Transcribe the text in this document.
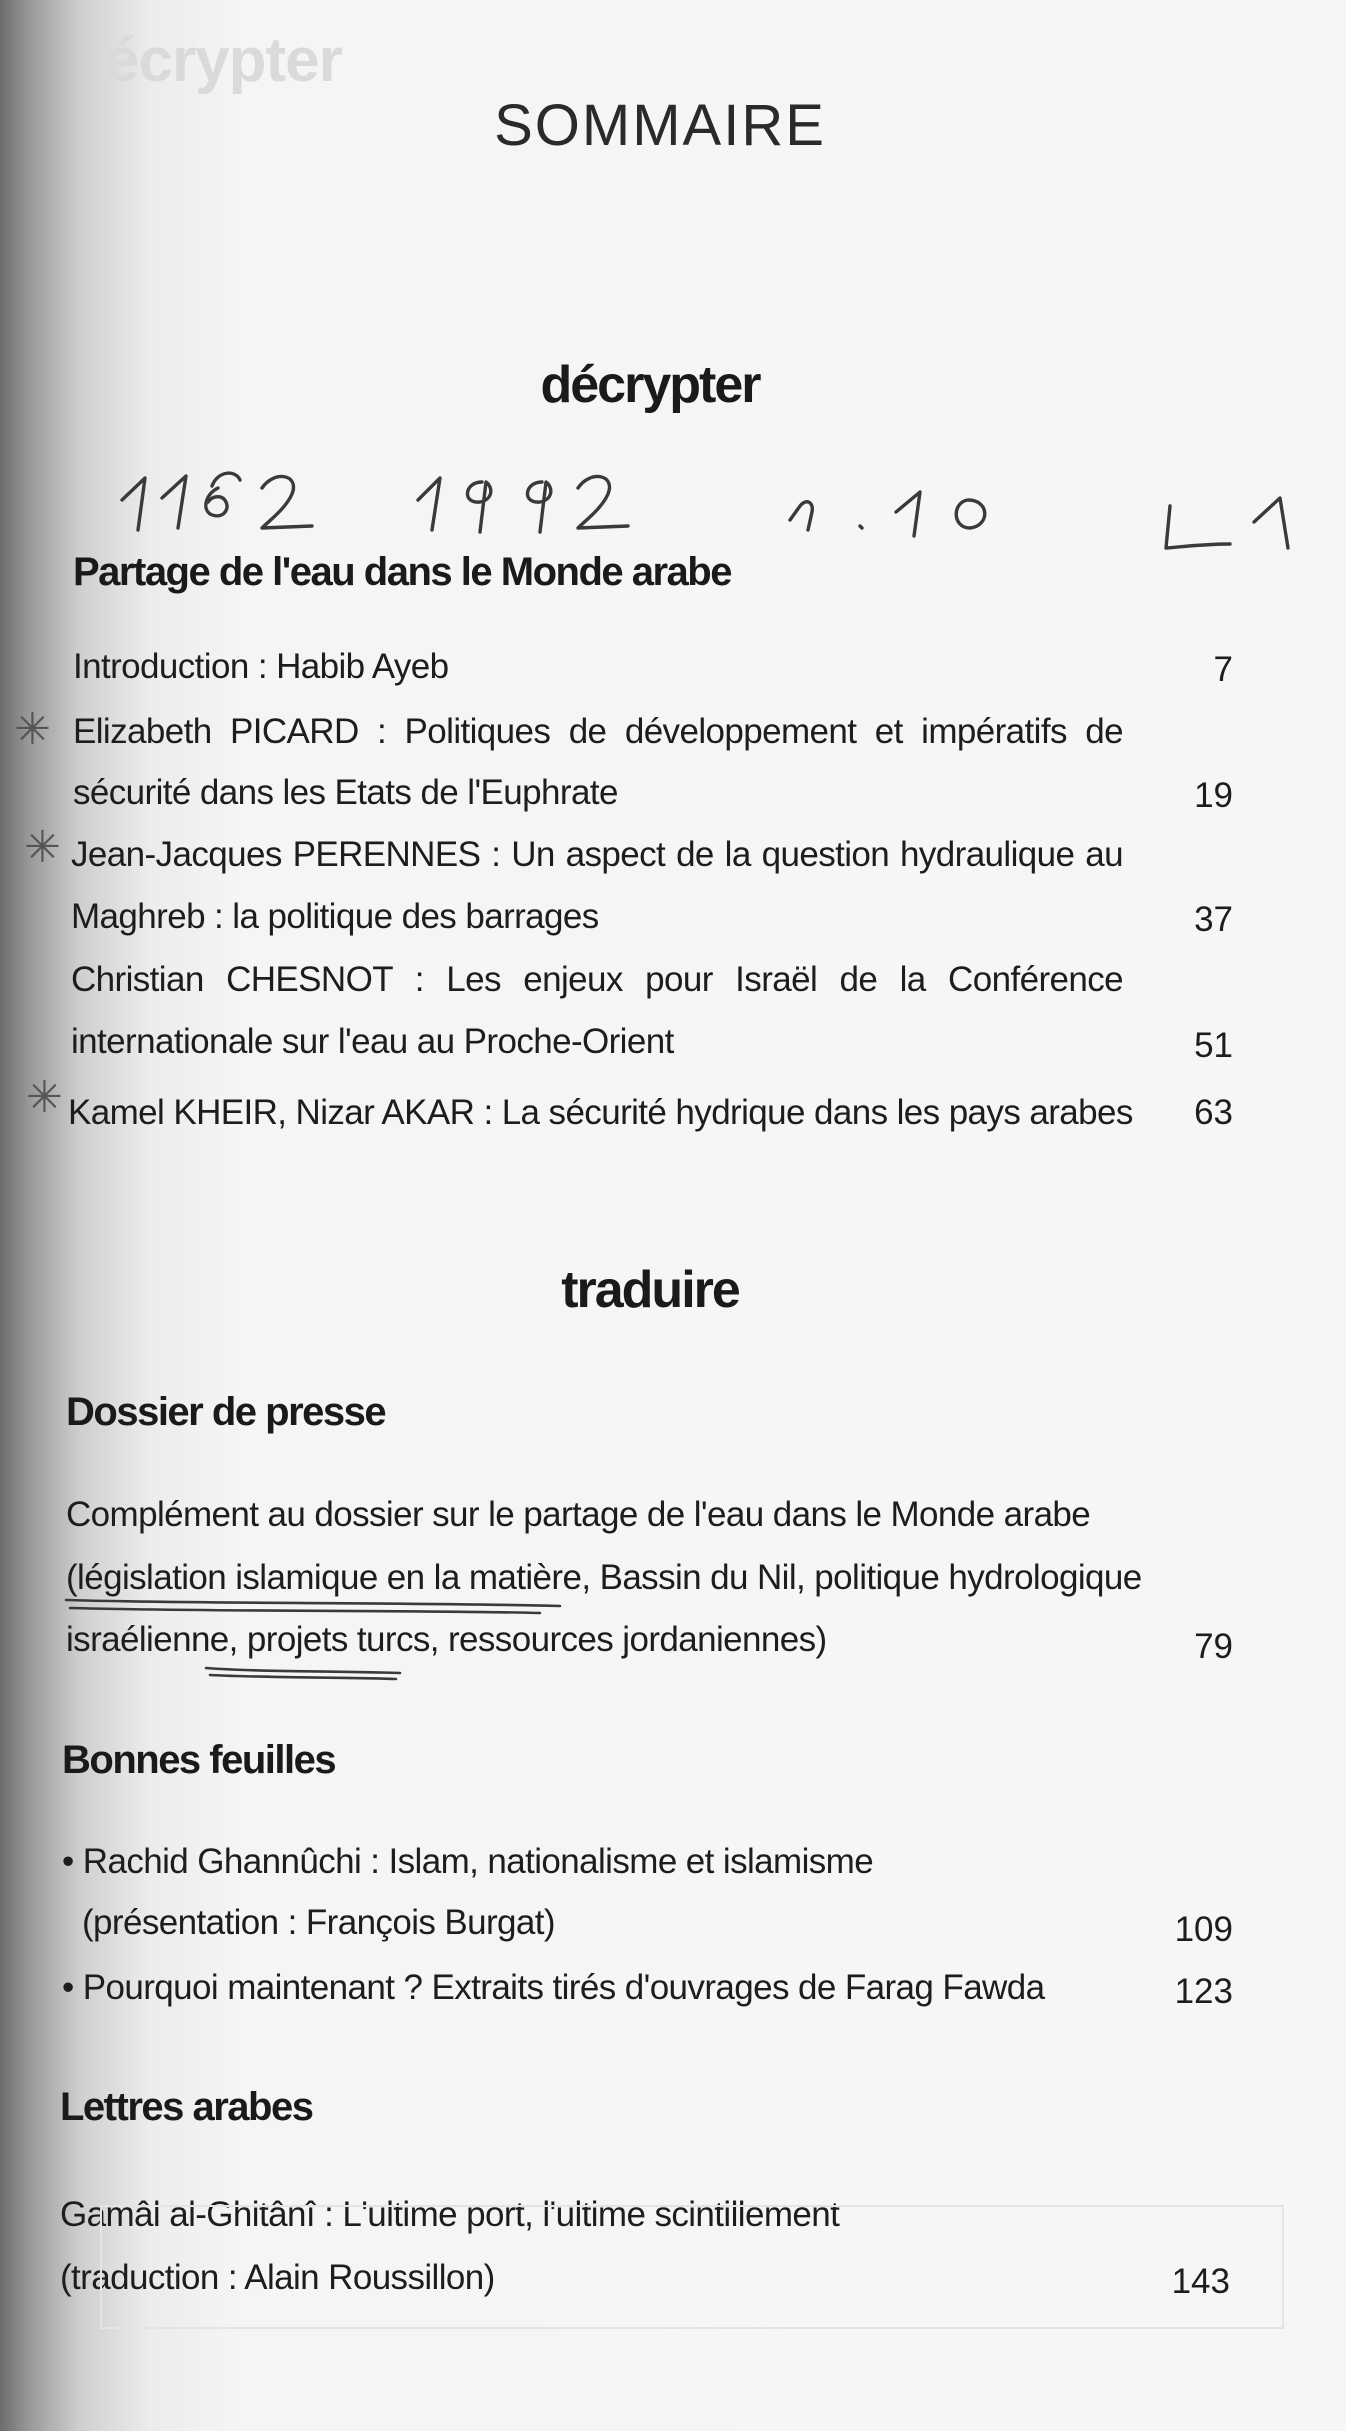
écrypter
SOMMAIRE
décrypter
Partage de l'eau dans le Monde arabe
Introduction : Habib Ayeb	7
✳ Elizabeth PICARD : Politiques de développement et impératifs de
sécurité dans les Etats de l'Euphrate	19
✳ Jean-Jacques PERENNES : Un aspect de la question hydraulique au
Maghreb : la politique des barrages	37
Christian CHESNOT : Les enjeux pour Israël de la Conférence
internationale sur l'eau au Proche-Orient	51
✳ Kamel KHEIR, Nizar AKAR : La sécurité hydrique dans les pays arabes	63
traduire
Dossier de presse
Complément au dossier sur le partage de l'eau dans le Monde arabe
(législation islamique en la matière, Bassin du Nil, politique hydrologique
israélienne, projets turcs, ressources jordaniennes)	79
Bonnes feuilles
• Rachid Ghannûchi : Islam, nationalisme et islamisme
(présentation : François Burgat)	109
• Pourquoi maintenant ? Extraits tirés d'ouvrages de Farag Fawda	123
Lettres arabes
Gamâl al-Ghitânî : L'ultime port, l'ultime scintillement
(traduction : Alain Roussillon)	143
